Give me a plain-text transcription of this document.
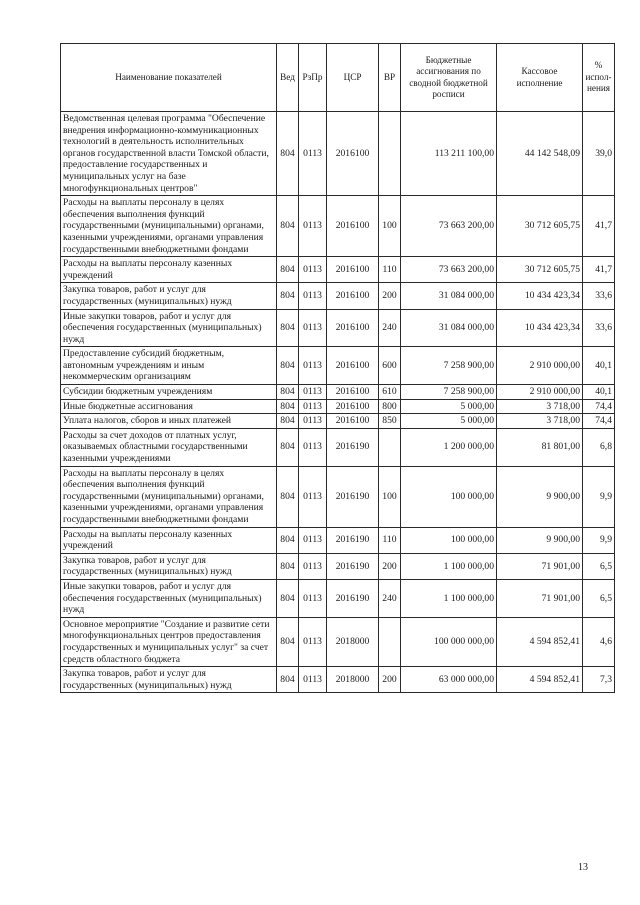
Наименование показателей	Вед	РзПр	ЦСР	ВР	Бюджетные ассигнования по сводной бюджетной росписи	Кассовое исполнение	% испол-нения
Ведомственная целевая программа "Обеспечение внедрения информационно-коммуникационных технологий в деятельность исполнительных органов государственной власти Томской области, предоставление государственных и муниципальных услуг на базе многофункциональных центров"	804	0113	2016100		113 211 100,00	44 142 548,09	39,0
Расходы на выплаты персоналу в целях обеспечения выполнения функций государственными (муниципальными) органами, казенными учреждениями, органами управления государственными внебюджетными фондами	804	0113	2016100	100	73 663 200,00	30 712 605,75	41,7
Расходы на выплаты персоналу казенных учреждений	804	0113	2016100	110	73 663 200,00	30 712 605,75	41,7
Закупка товаров, работ и услуг для государственных (муниципальных) нужд	804	0113	2016100	200	31 084 000,00	10 434 423,34	33,6
Иные закупки товаров, работ и услуг для обеспечения государственных (муниципальных) нужд	804	0113	2016100	240	31 084 000,00	10 434 423,34	33,6
Предоставление субсидий бюджетным, автономным учреждениям и иным некоммерческим организациям	804	0113	2016100	600	7 258 900,00	2 910 000,00	40,1
Субсидии бюджетным учреждениям	804	0113	2016100	610	7 258 900,00	2 910 000,00	40,1
Иные бюджетные ассигнования	804	0113	2016100	800	5 000,00	3 718,00	74,4
Уплата налогов, сборов и иных платежей	804	0113	2016100	850	5 000,00	3 718,00	74,4
Расходы за счет доходов от платных услуг, оказываемых областными государственными казенными учреждениями	804	0113	2016190		1 200 000,00	81 801,00	6,8
Расходы на выплаты персоналу в целях обеспечения выполнения функций государственными (муниципальными) органами, казенными учреждениями, органами управления государственными внебюджетными фондами	804	0113	2016190	100	100 000,00	9 900,00	9,9
Расходы на выплаты персоналу казенных учреждений	804	0113	2016190	110	100 000,00	9 900,00	9,9
Закупка товаров, работ и услуг для государственных (муниципальных) нужд	804	0113	2016190	200	1 100 000,00	71 901,00	6,5
Иные закупки товаров, работ и услуг для обеспечения государственных (муниципальных) нужд	804	0113	2016190	240	1 100 000,00	71 901,00	6,5
Основное мероприятие "Создание и развитие сети многофункциональных центров предоставления государственных и муниципальных услуг" за счет средств областного бюджета	804	0113	2018000		100 000 000,00	4 594 852,41	4,6
Закупка товаров, работ и услуг для государственных (муниципальных) нужд	804	0113	2018000	200	63 000 000,00	4 594 852,41	7,3
13
